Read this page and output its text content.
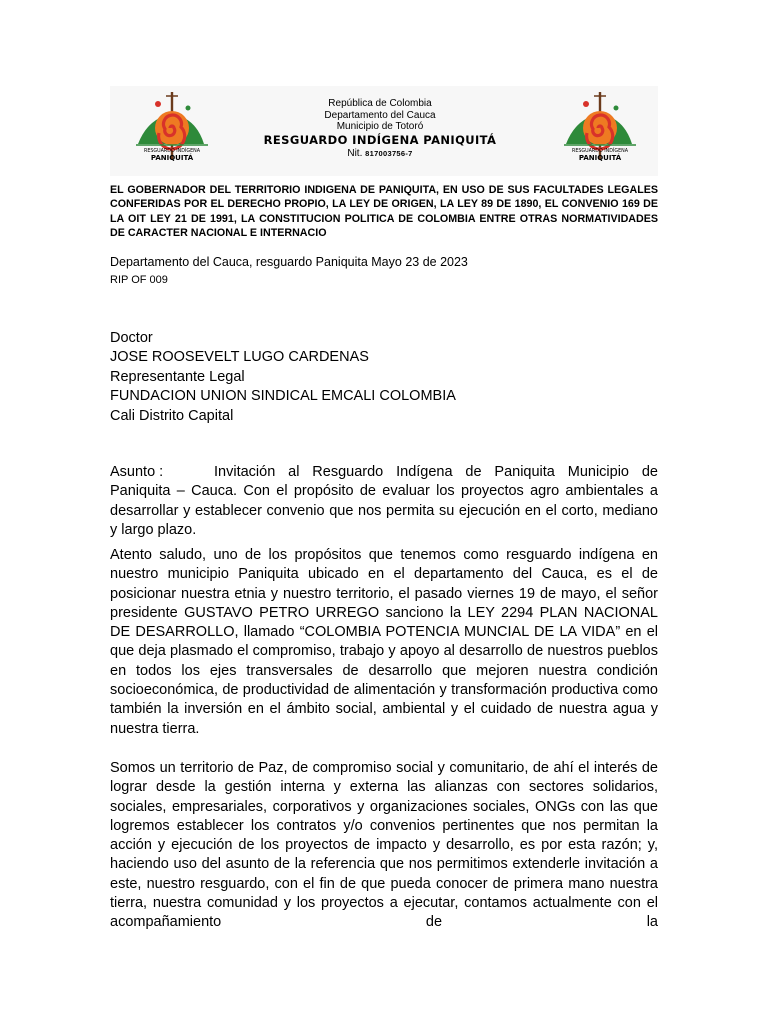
RESGUARDO INDÍGENA
PANIQUITÁ
RESGUARDO INDÍGENA
PANIQUITÁ
República de Colombia
Departamento del Cauca
Municipio de Totoró
RESGUARDO INDÍGENA PANIQUITÁ
Nit. 817003756-7
EL GOBERNADOR DEL TERRITORIO INDIGENA DE PANIQUITA, EN USO DE SUS FACULTADES LEGALES CONFERIDAS POR EL DERECHO PROPIO, LA LEY DE ORIGEN, LA LEY 89 DE 1890, EL CONVENIO 169 DE LA OIT LEY 21 DE 1991, LA CONSTITUCION POLITICA DE COLOMBIA ENTRE OTRAS NORMATIVIDADES DE CARACTER NACIONAL E INTERNACIO
Departamento del Cauca, resguardo Paniquita Mayo 23 de 2023
RIP OF 009
Doctor
JOSE ROOSEVELT LUGO CARDENAS
Representante Legal
FUNDACION UNION SINDICAL EMCALI COLOMBIA
Cali Distrito Capital
Asunto :	Invitación al Resguardo Indígena de Paniquita Municipio de Paniquita – Cauca. Con el propósito de evaluar los proyectos agro ambientales a desarrollar y establecer convenio que nos permita su ejecución en el corto, mediano y largo plazo.
Atento saludo, uno de los propósitos que tenemos como resguardo indígena en nuestro municipio Paniquita ubicado en el departamento del Cauca, es el de posicionar nuestra etnia y nuestro territorio, el pasado viernes 19 de mayo, el señor presidente GUSTAVO PETRO URREGO sanciono la LEY 2294 PLAN NACIONAL DE DESARROLLO, llamado “COLOMBIA POTENCIA MUNCIAL DE LA VIDA” en el que deja plasmado el compromiso, trabajo y apoyo al desarrollo de nuestros pueblos en todos los ejes transversales de desarrollo que mejoren nuestra condición socioeconómica, de productividad de alimentación y transformación productiva como también la inversión en el ámbito social, ambiental y el cuidado de nuestra agua y nuestra tierra.
Somos un territorio de Paz, de compromiso social y comunitario, de ahí el interés de lograr desde la gestión interna y externa las alianzas con sectores solidarios, sociales, empresariales, corporativos y organizaciones sociales, ONGs con las que logremos establecer los contratos y/o convenios pertinentes que nos permitan la acción y ejecución de los proyectos de impacto y desarrollo, es por esta razón; y, haciendo uso del asunto de la referencia que nos permitimos extenderle invitación a este, nuestro resguardo, con el fin de que pueda conocer de primera mano nuestra tierra, nuestra comunidad y los proyectos a ejecutar, contamos actualmente con el acompañamiento de la
